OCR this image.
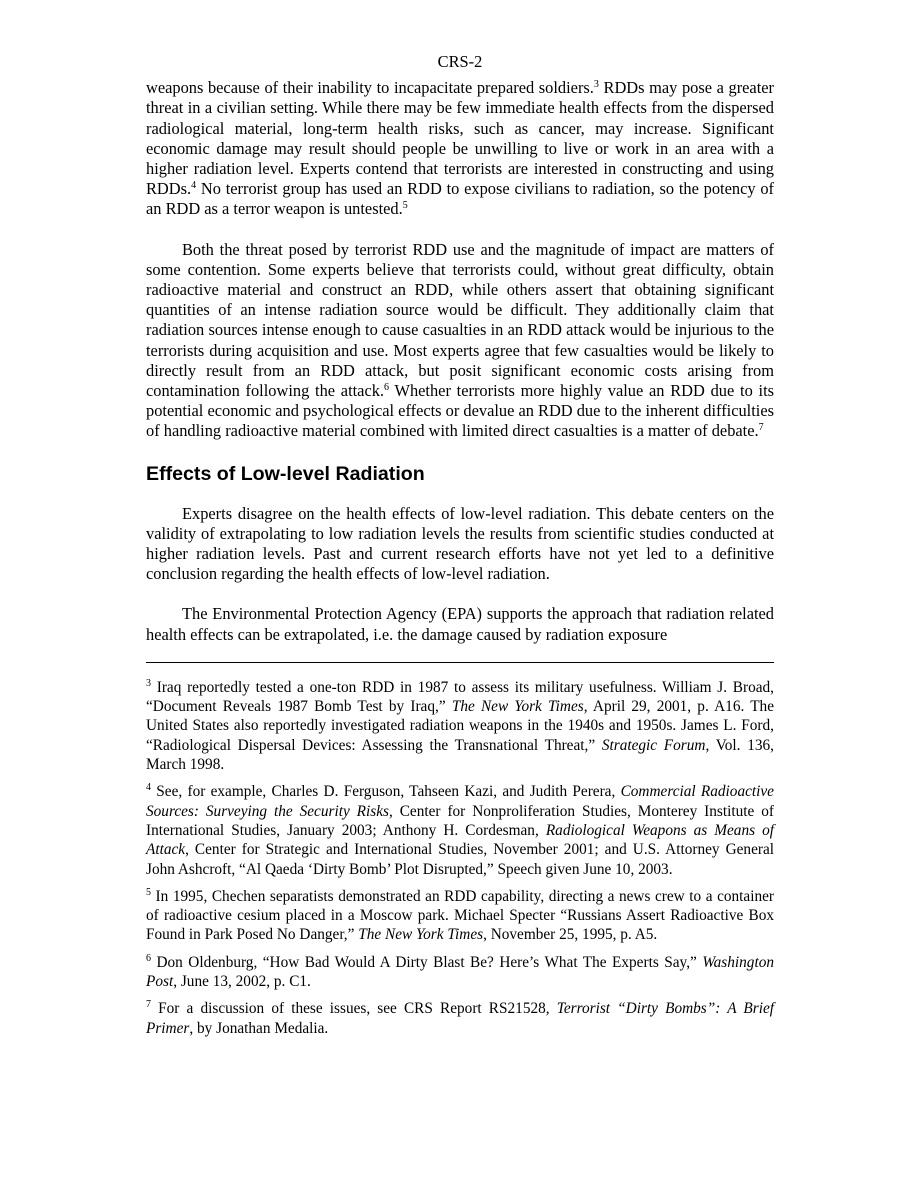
CRS-2

weapons because of their inability to incapacitate prepared soldiers.$^3$ RDDs may pose a greater threat in a civilian setting. While there may be few immediate health effects from the dispersed radiological material, long-term health risks, such as cancer, may increase. Significant economic damage may result should people be unwilling to live or work in an area with a higher radiation level. Experts contend that terrorists are interested in constructing and using RDDs.$^4$ No terrorist group has used an RDD to expose civilians to radiation, so the potency of an RDD as a terror weapon is untested.$^5$

Both the threat posed by terrorist RDD use and the magnitude of impact are matters of some contention. Some experts believe that terrorists could, without great difficulty, obtain radioactive material and construct an RDD, while others assert that obtaining significant quantities of an intense radiation source would be difficult. They additionally claim that radiation sources intense enough to cause casualties in an RDD attack would be injurious to the terrorists during acquisition and use. Most experts agree that few casualties would be likely to directly result from an RDD attack, but posit significant economic costs arising from contamination following the attack.$^6$ Whether terrorists more highly value an RDD due to its potential economic and psychological effects or devalue an RDD due to the inherent difficulties of handling radioactive material combined with limited direct casualties is a matter of debate.$^7$

Effects of Low-level Radiation

Experts disagree on the health effects of low-level radiation. This debate centers on the validity of extrapolating to low radiation levels the results from scientific studies conducted at higher radiation levels. Past and current research efforts have not yet led to a definitive conclusion regarding the health effects of low-level radiation.

The Environmental Protection Agency (EPA) supports the approach that radiation related health effects can be extrapolated, i.e. the damage caused by radiation exposure

$^3$ Iraq reportedly tested a one-ton RDD in 1987 to assess its military usefulness. William J. Broad, “Document Reveals 1987 Bomb Test by Iraq,” The New York Times, April 29, 2001, p. A16. The United States also reportedly investigated radiation weapons in the 1940s and 1950s. James L. Ford, “Radiological Dispersal Devices: Assessing the Transnational Threat,” Strategic Forum, Vol. 136, March 1998.

$^4$ See, for example, Charles D. Ferguson, Tahseen Kazi, and Judith Perera, Commercial Radioactive Sources: Surveying the Security Risks, Center for Nonproliferation Studies, Monterey Institute of International Studies, January 2003; Anthony H. Cordesman, Radiological Weapons as Means of Attack, Center for Strategic and International Studies, November 2001; and U.S. Attorney General John Ashcroft, “Al Qaeda ‘Dirty Bomb’ Plot Disrupted,” Speech given June 10, 2003.

$^5$ In 1995, Chechen separatists demonstrated an RDD capability, directing a news crew to a container of radioactive cesium placed in a Moscow park. Michael Specter “Russians Assert Radioactive Box Found in Park Posed No Danger,” The New York Times, November 25, 1995, p. A5.

$^6$ Don Oldenburg, “How Bad Would A Dirty Blast Be? Here’s What The Experts Say,” Washington Post, June 13, 2002, p. C1.

$^7$ For a discussion of these issues, see CRS Report RS21528, Terrorist “Dirty Bombs”: A Brief Primer, by Jonathan Medalia.
